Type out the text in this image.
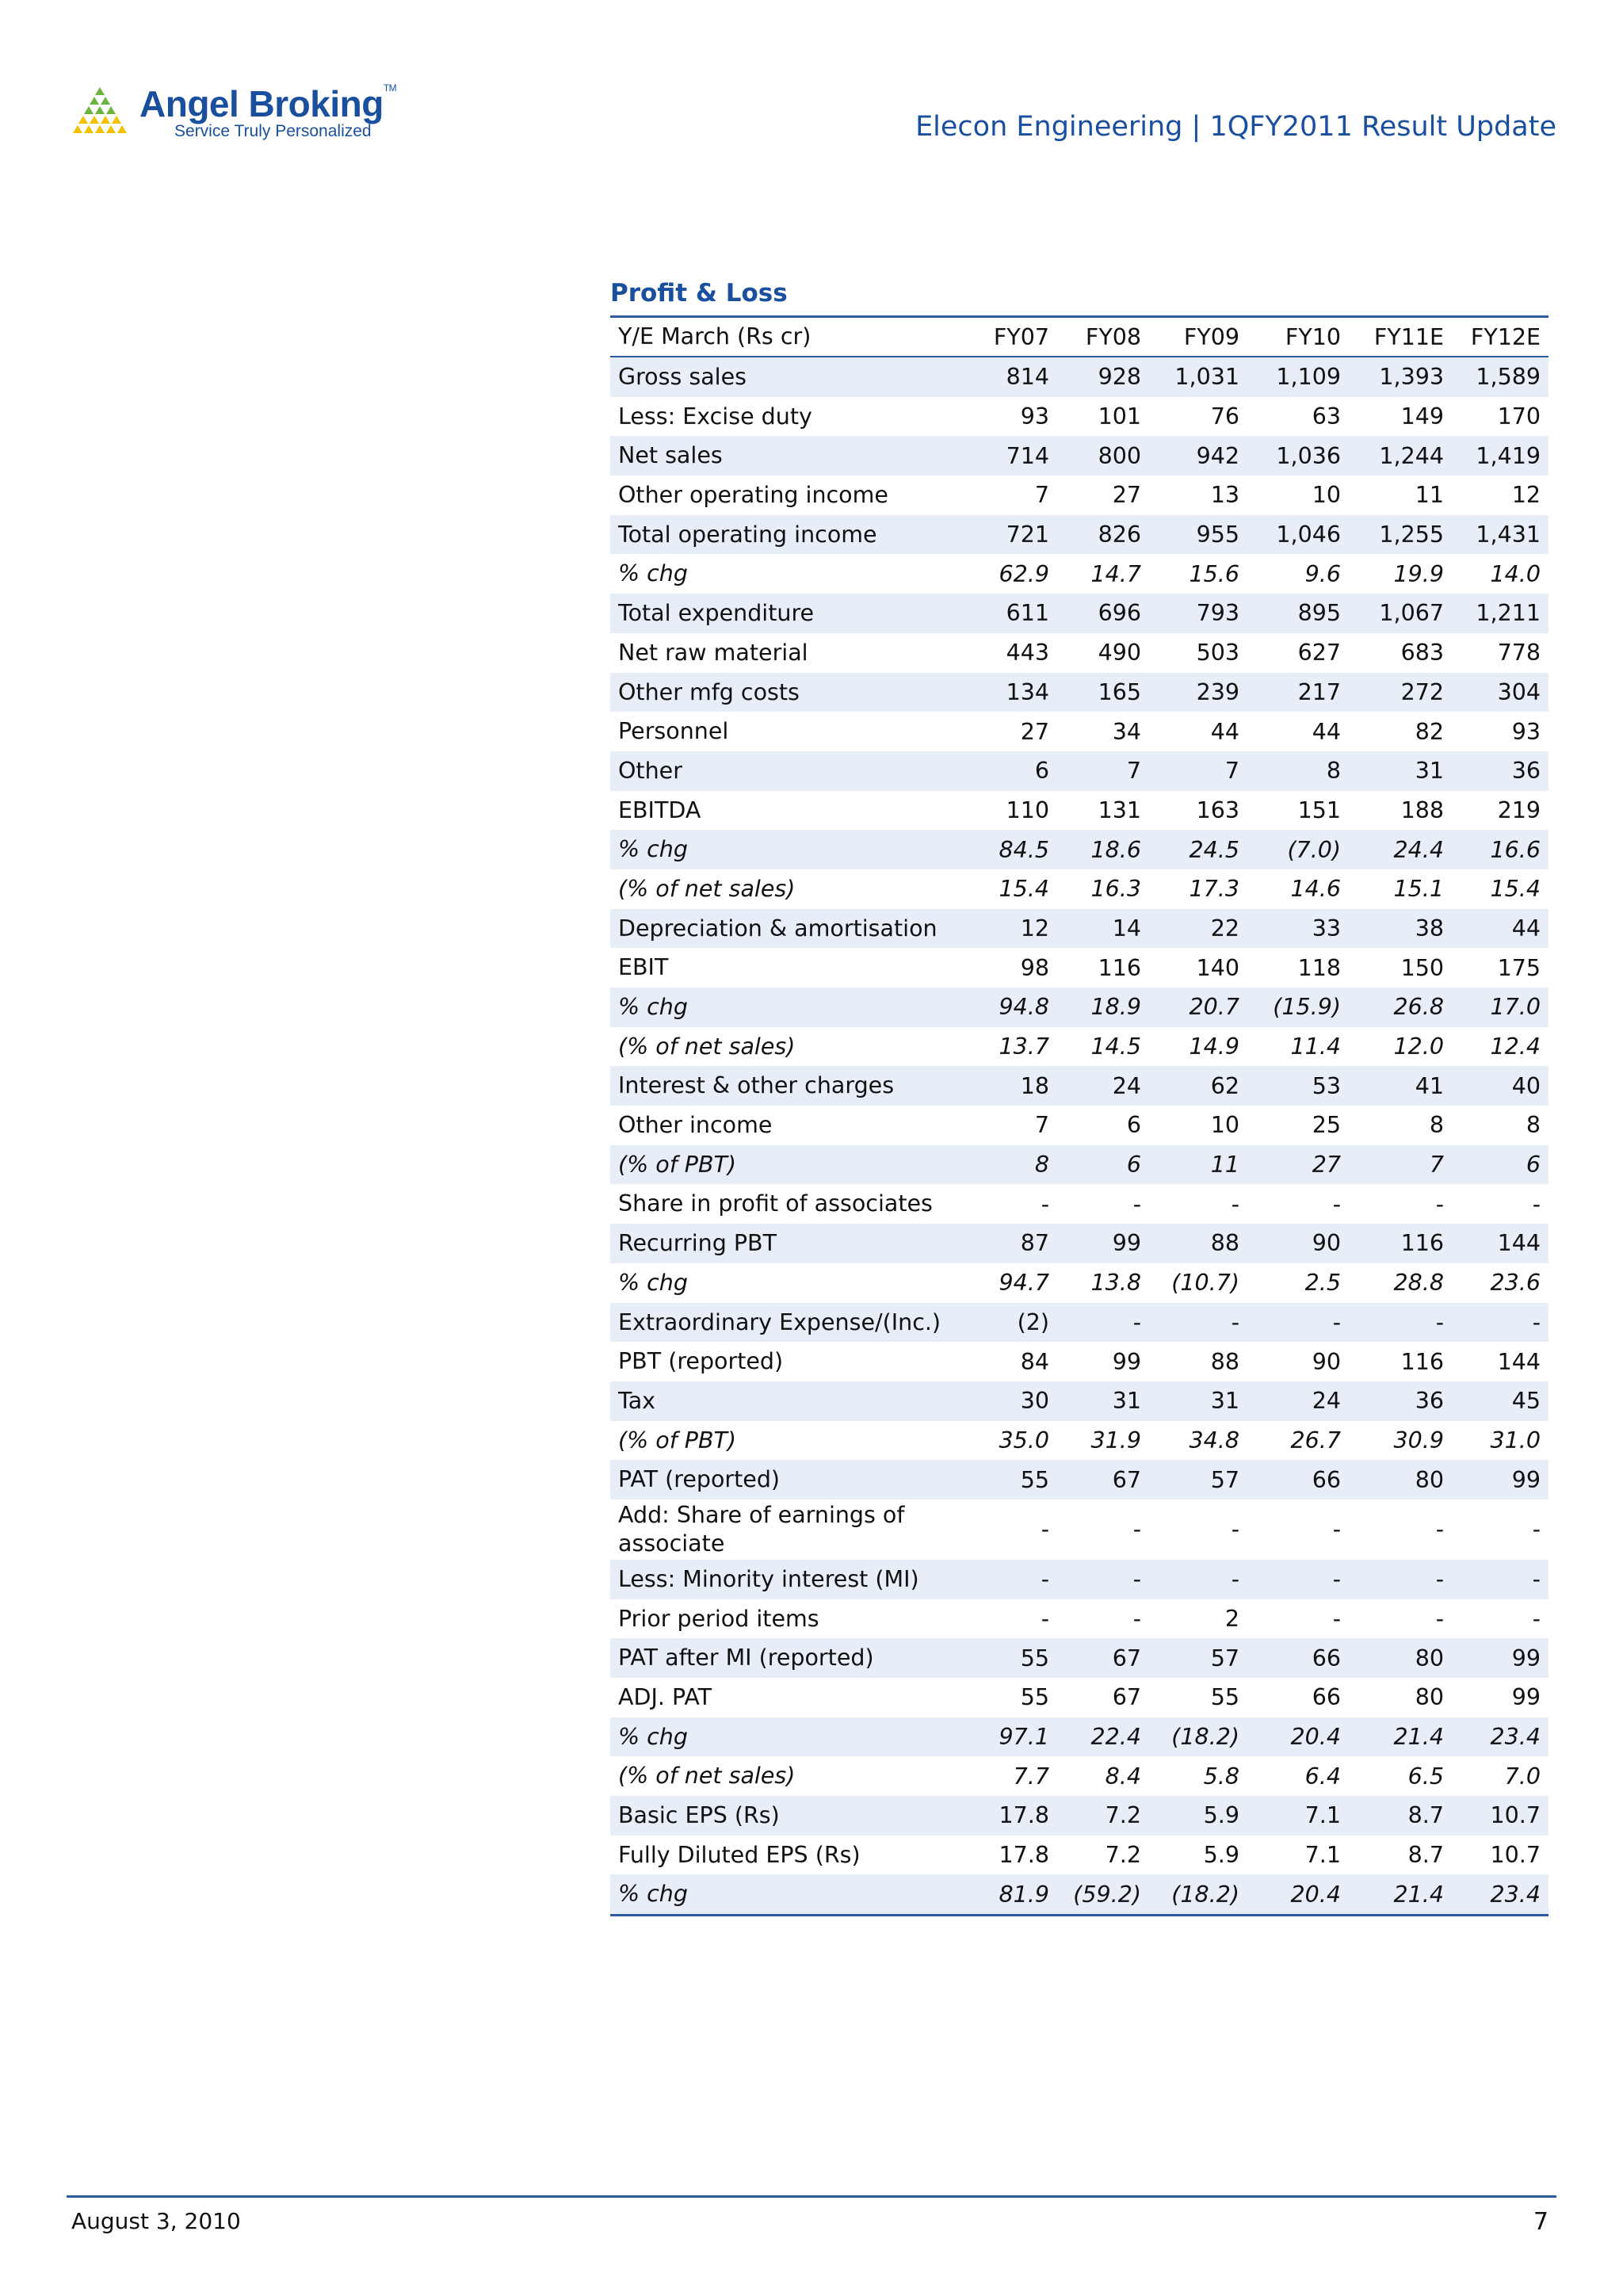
Angel Broking™
Service Truly Personalized	Elecon Engineering | 1QFY2011 Result Update
Profit & Loss
Y/E March (Rs cr)	FY07	FY08	FY09	FY10	FY11E	FY12E
Gross sales	814	928	1,031	1,109	1,393	1,589
Less: Excise duty	93	101	76	63	149	170
Net sales	714	800	942	1,036	1,244	1,419
Other operating income	7	27	13	10	11	12
Total operating income	721	826	955	1,046	1,255	1,431
% chg	62.9	14.7	15.6	9.6	19.9	14.0
Total expenditure	611	696	793	895	1,067	1,211
Net raw material	443	490	503	627	683	778
Other mfg costs	134	165	239	217	272	304
Personnel	27	34	44	44	82	93
Other	6	7	7	8	31	36
EBITDA	110	131	163	151	188	219
% chg	84.5	18.6	24.5	(7.0)	24.4	16.6
(% of net sales)	15.4	16.3	17.3	14.6	15.1	15.4
Depreciation & amortisation	12	14	22	33	38	44
EBIT	98	116	140	118	150	175
% chg	94.8	18.9	20.7	(15.9)	26.8	17.0
(% of net sales)	13.7	14.5	14.9	11.4	12.0	12.4
Interest & other charges	18	24	62	53	41	40
Other income	7	6	10	25	8	8
(% of PBT)	8	6	11	27	7	6
Share in profit of associates	-	-	-	-	-	-
Recurring PBT	87	99	88	90	116	144
% chg	94.7	13.8	(10.7)	2.5	28.8	23.6
Extraordinary Expense/(Inc.)	(2)	-	-	-	-	-
PBT (reported)	84	99	88	90	116	144
Tax	30	31	31	24	36	45
(% of PBT)	35.0	31.9	34.8	26.7	30.9	31.0
PAT (reported)	55	67	57	66	80	99
Add: Share of earnings of associate
-	-	-	-	-	-
Less: Minority interest (MI)	-	-	-	-	-	-
Prior period items	-	-	2	-	-	-
PAT after MI (reported)	55	67	57	66	80	99
ADJ. PAT	55	67	55	66	80	99
% chg	97.1	22.4	(18.2)	20.4	21.4	23.4
(% of net sales)	7.7	8.4	5.8	6.4	6.5	7.0
Basic EPS (Rs)	17.8	7.2	5.9	7.1	8.7	10.7
Fully Diluted EPS (Rs)	17.8	7.2	5.9	7.1	8.7	10.7
% chg	81.9	(59.2)	(18.2)	20.4	21.4	23.4
August 3, 2010	7
